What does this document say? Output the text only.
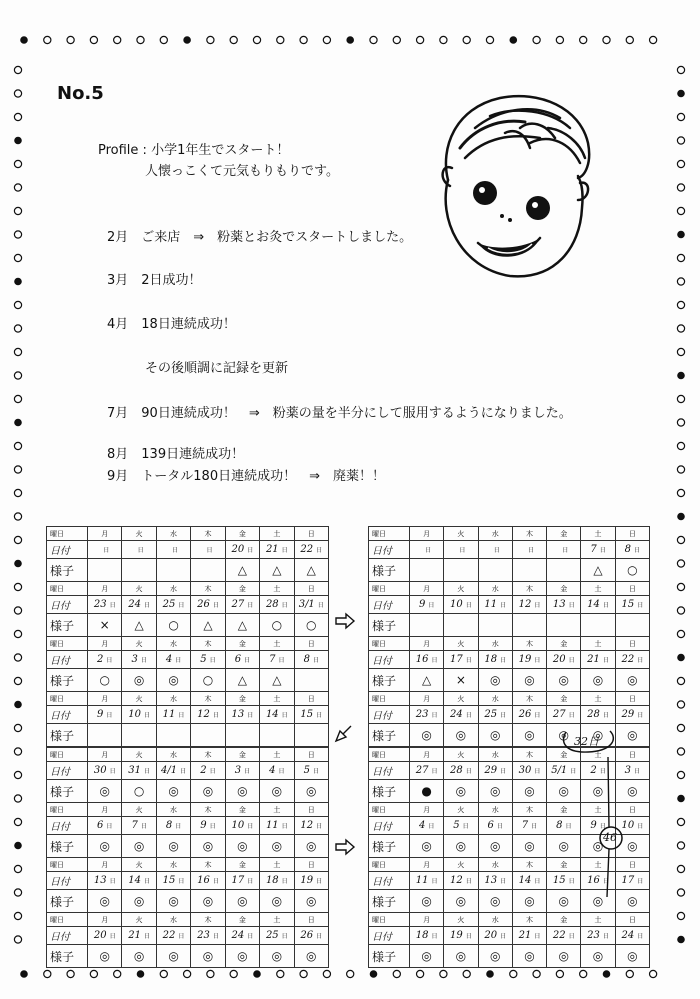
No.5
Profile : 小学1年生でスタート！
人懐っこくて元気もりもりです。
2月　ご来店　⇒　粉薬とお灸でスタートしました。
3月　2日成功！
4月　18日連続成功！
その後順調に記録を更新
7月　90日連続成功！　⇒　粉薬の量を半分にして服用するようになりました。
8月　139日連続成功！
9月　トータル180日連続成功！　⇒　廃薬！！
曜日	月	火	水	木	金	土	日
日付	日	日	日	日	20 日	21 日	22 日
様子					△	△	△
曜日	月	火	水	木	金	土	日
日付	23 日	24 日	25 日	26 日	27 日	28 日	3/1 日
様子	×	△	○	△	△	○	○
曜日	月	火	水	木	金	土	日
日付	2 日	3 日	4 日	5 日	6 日	7 日	8 日
様子	○	◎	◎	○	△	△	
曜日	月	火	水	木	金	土	日
日付	9 日	10 日	11 日	12 日	13 日	14 日	15 日
様子							
曜日	月	火	水	木	金	土	日
日付	日	日	日	日	日	7 日	8 日
様子						△	○
曜日	月	火	水	木	金	土	日
日付	9 日	10 日	11 日	12 日	13 日	14 日	15 日
様子							
曜日	月	火	水	木	金	土	日
日付	16 日	17 日	18 日	19 日	20 日	21 日	22 日
様子	△	×	◎	◎	◎	◎	◎
曜日	月	火	水	木	金	土	日
日付	23 日	24 日	25 日	26 日	27 日	28 日	29 日
様子	◎	◎	◎	◎	◎	◎	◎
曜日	月	火	水	木	金	土	日
日付	30 日	31 日	4/1 日	2 日	3 日	4 日	5 日
様子	◎	○	◎	◎	◎	◎	◎
曜日	月	火	水	木	金	土	日
日付	6 日	7 日	8 日	9 日	10 日	11 日	12 日
様子	◎	◎	◎	◎	◎	◎	◎
曜日	月	火	水	木	金	土	日
日付	13 日	14 日	15 日	16 日	17 日	18 日	19 日
様子	◎	◎	◎	◎	◎	◎	◎
曜日	月	火	水	木	金	土	日
日付	20 日	21 日	22 日	23 日	24 日	25 日	26 日
様子	◎	◎	◎	◎	◎	◎	◎
曜日	月	火	水	木	金	土	日
日付	27 日	28 日	29 日	30 日	5/1 日	2 日	3 日
様子	●	◎	◎	◎	◎	◎	◎
曜日	月	火	水	木	金	土	日
日付	4 日	5 日	6 日	7 日	8 日	9 日	10 日
様子	◎	◎	◎	◎	◎	◎	◎
曜日	月	火	水	木	金	土	日
日付	11 日	12 日	13 日	14 日	15 日	16 日	17 日
様子	◎	◎	◎	◎	◎	◎	◎
曜日	月	火	水	木	金	土	日
日付	18 日	19 日	20 日	21 日	22 日	23 日	24 日
様子	◎	◎	◎	◎	◎	◎	◎
32日
46
